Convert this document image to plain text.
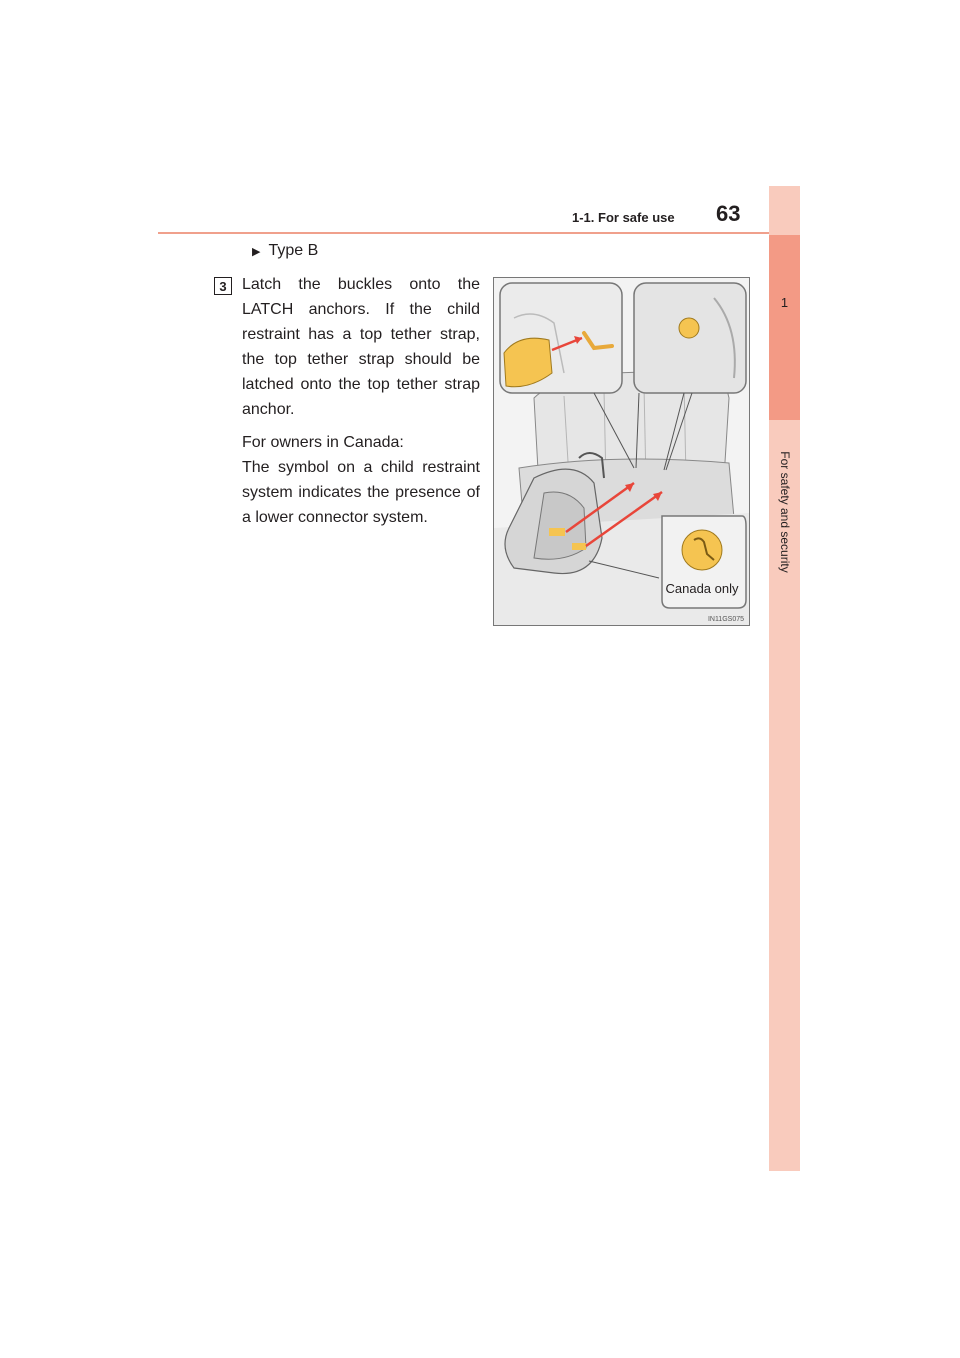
1-1. For safe use 63
1
For safety and security
▶ Type B
3 Latch the buckles onto the LATCH anchors. If the child restraint has a top tether strap, the top tether strap should be latched onto the top tether strap anchor.
For owners in Canada:
The symbol on a child restraint system indicates the presence of a lower connector system.
Canada only
IN11GS075
